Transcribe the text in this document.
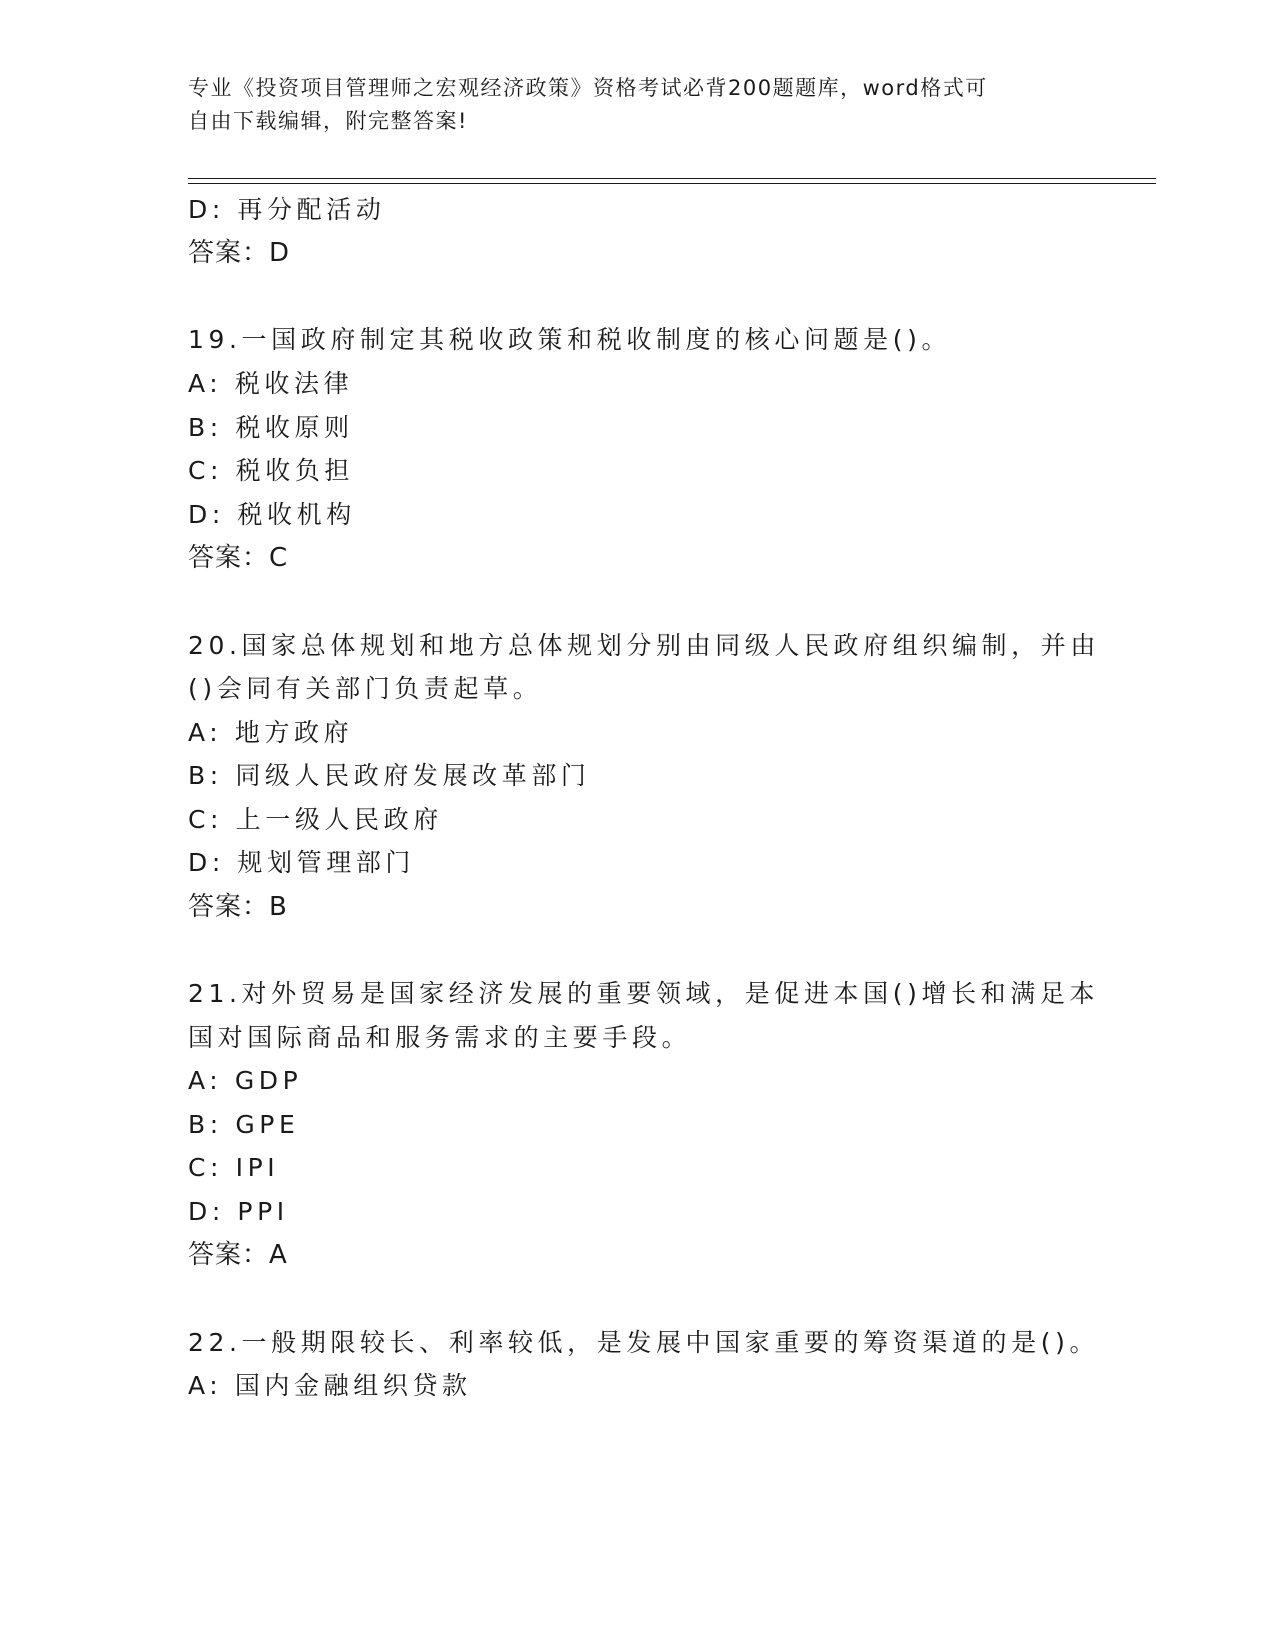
专业《投资项目管理师之宏观经济政策》资格考试必背200题题库，word格式可
自由下载编辑，附完整答案!
D: 再分配活动
答案：D
19.一国政府制定其税收政策和税收制度的核心问题是()。
A: 税收法律
B: 税收原则
C: 税收负担
D: 税收机构
答案：C
20.国家总体规划和地方总体规划分别由同级人民政府组织编制，并由
()会同有关部门负责起草。
A: 地方政府
B: 同级人民政府发展改革部门
C: 上一级人民政府
D: 规划管理部门
答案：B
21.对外贸易是国家经济发展的重要领域，是促进本国()增长和满足本
国对国际商品和服务需求的主要手段。
A: GDP
B: GPE
C: IPI
D: PPI
答案：A
22.一般期限较长、利率较低，是发展中国家重要的筹资渠道的是()。
A: 国内金融组织贷款
